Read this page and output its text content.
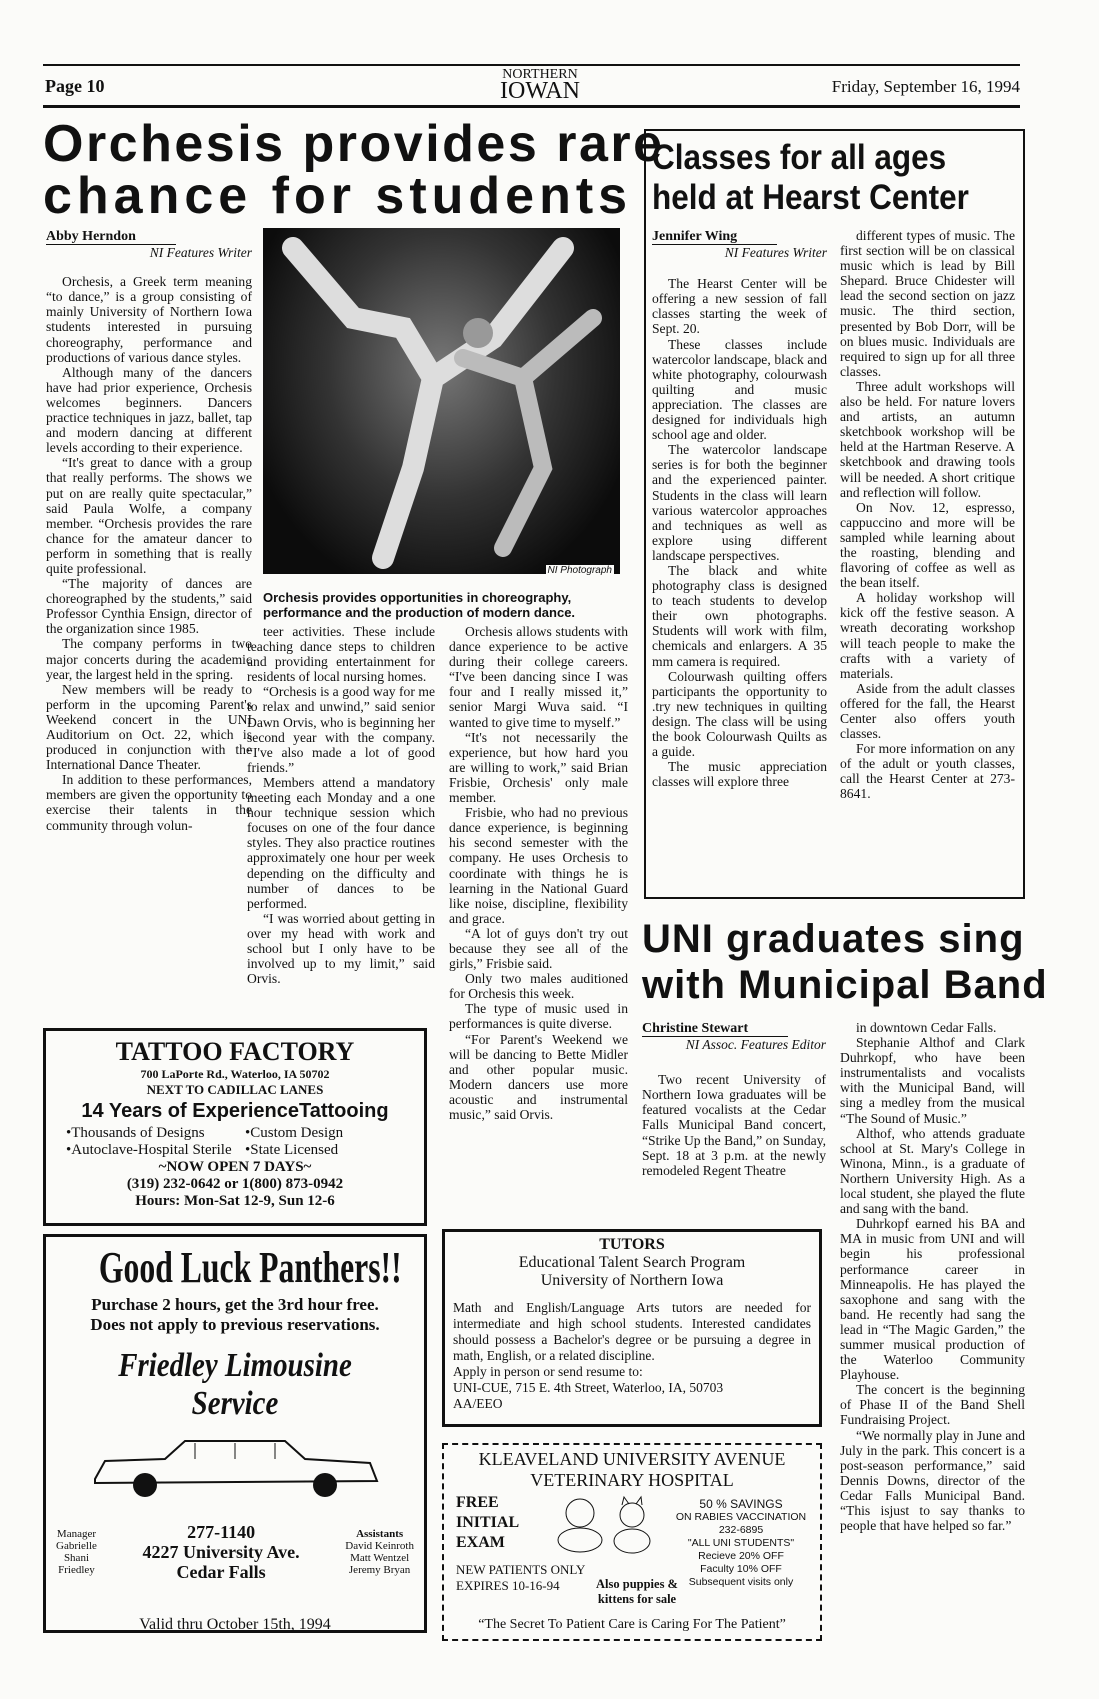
Page 10
NORTHERN
IOWAN	Friday, September 16, 1994
Orchesis provides rare
chance for students
Abby Herndon
NI Features Writer

Orchesis, a Greek term meaning “to dance,” is a group consisting of mainly University of Northern Iowa students interested in pursuing choreography, performance and productions of various dance styles.

Although many of the dancers have had prior experience, Orchesis welcomes beginners. Dancers practice techniques in jazz, ballet, tap and modern dancing at different levels according to their experience.

“It's great to dance with a group that really performs. The shows we put on are really quite spectacular,” said Paula Wolfe, a company member. “Orchesis provides the rare chance for the amateur dancer to perform in something that is really quite professional.

“The majority of dances are choreographed by the students,” said Professor Cynthia Ensign, director of the organization since 1985.

The company performs in two major concerts during the academic year, the largest held in the spring.

New members will be ready to perform in the upcoming Parent's Weekend concert in the UNI Auditorium on Oct. 22, which is produced in conjunction with the International Dance Theater.

In addition to these performances, members are given the opportunity to exercise their talents in the community through volun-

NI Photograph
Orchesis provides opportunities in choreography, performance and the production of modern dance.

teer activities. These include teaching dance steps to children and providing entertainment for residents of local nursing homes.

“Orchesis is a good way for me to relax and unwind,” said senior Dawn Orvis, who is beginning her second year with the company. “I've also made a lot of good friends.”

Members attend a mandatory meeting each Monday and a one hour technique session which focuses on one of the four dance styles. They also practice routines approximately one hour per week depending on the difficulty and number of dances to be performed.

“I was worried about getting in over my head with work and school but I only have to be involved up to my limit,” said Orvis.

Orchesis allows students with dance experience to be active during their college careers. “I've been dancing since I was four and I really missed it,” senior Margi Wuva said. “I wanted to give time to myself.”

“It's not necessarily the experience, but how hard you are willing to work,” said Brian Frisbie, Orchesis' only male member.

Frisbie, who had no previous dance experience, is beginning his second semester with the company. He uses Orchesis to coordinate with things he is learning in the National Guard like noise, discipline, flexibility and grace.

“A lot of guys don't try out because they see all of the girls,” Frisbie said.

Only two males auditioned for Orchesis this week.

The type of music used in performances is quite diverse.

“For Parent's Weekend we will be dancing to Bette Midler and other popular music. Modern dancers use more acoustic and instrumental music,” said Orvis.

Classes for all ages
held at Hearst Center
Jennifer Wing
NI Features Writer

The Hearst Center will be offering a new session of fall classes starting the week of Sept. 20.

These classes include watercolor landscape, black and white photography, colourwash quilting and music appreciation. The classes are designed for individuals high school age and older.

The watercolor landscape series is for both the beginner and the experienced painter. Students in the class will learn various watercolor approaches and techniques as well as explore using different landscape perspectives.

The black and white photography class is designed to teach students to develop their own photographs. Students will work with film, chemicals and enlargers. A 35 mm camera is required.

Colourwash quilting offers participants the opportunity to .try new techniques in quilting design. The class will be using the book Colourwash Quilts as a guide.

The music appreciation classes will explore three

different types of music. The first section will be on classical music which is lead by Bill Shepard. Bruce Chidester will lead the second section on jazz music. The third section, presented by Bob Dorr, will be on blues music. Individuals are required to sign up for all three classes.

Three adult workshops will also be held. For nature lovers and artists, an autumn sketchbook workshop will be held at the Hartman Reserve. A sketchbook and drawing tools will be needed. A short critique and reflection will follow.

On Nov. 12, espresso, cappuccino and more will be sampled while learning about the roasting, blending and flavoring of coffee as well as the bean itself.

A holiday workshop will kick off the festive season. A wreath decorating workshop will teach people to make the crafts with a variety of materials.

Aside from the adult classes offered for the fall, the Hearst Center also offers youth classes.

For more information on any of the adult or youth classes, call the Hearst Center at 273-8641.

UNI graduates sing
with Municipal Band
Christine Stewart
NI Assoc. Features Editor

Two recent University of Northern Iowa graduates will be featured vocalists at the Cedar Falls Municipal Band concert, “Strike Up the Band,” on Sunday, Sept. 18 at 3 p.m. at the newly remodeled Regent Theatre

in downtown Cedar Falls.

Stephanie Althof and Clark Duhrkopf, who have been instrumentalists and vocalists with the Municipal Band, will sing a medley from the musical “The Sound of Music.”

Althof, who attends graduate school at St. Mary's College in Winona, Minn., is a graduate of Northern University High. As a local student, she played the flute and sang with the band.

Duhrkopf earned his BA and MA in music from UNI and will begin his professional performance career in Minneapolis. He has played the saxophone and sang with the band. He recently had sang the lead in “The Magic Garden,” the summer musical production of the Waterloo Community Playhouse.

The concert is the beginning of Phase II of the Band Shell Fundraising Project.

“We normally play in June and July in the park. This concert is a post-season performance,” said Dennis Downs, director of the Cedar Falls Municipal Band. “This isjust to say thanks to people that have helped so far.”

TATTOO FACTORY
700 LaPorte Rd., Waterloo, IA 50702
NEXT TO CADILLAC LANES
14 Years of ExperienceTattooing
•Thousands of Designs	•Custom Design
•Autoclave-Hospital Sterile •State Licensed
~NOW OPEN 7 DAYS~
(319) 232-0642 or 1(800) 873-0942
Hours: Mon-Sat 12-9, Sun 12-6
Good Luck Panthers!!
Purchase 2 hours, get the 3rd hour free.
Does not apply to previous reservations.
Friedley Limousine Service
Manager
Gabrielle
Shani
Friedley
277-1140
4227 University Ave.
Cedar Falls
Assistants
David Keinroth
Matt Wentzel
Jeremy Bryan
Valid thru October 15th, 1994
TUTORS
Educational Talent Search Program
University of Northern Iowa
Math and English/Language Arts tutors are needed for intermediate and high school students. Interested candidates should possess a Bachelor's degree or be pursuing a degree in math, English, or a related discipline.
Apply in person or send resume to:
UNI-CUE, 715 E. 4th Street, Waterloo, IA, 50703
AA/EEO
KLEAVELAND UNIVERSITY AVENUE
VETERINARY HOSPITAL
FREE
INITIAL
EXAM
NEW PATIENTS ONLY
EXPIRES 10-16-94	Also puppies & kittens for sale
50 % SAVINGS
ON RABIES VACCINATION
232-6895
"ALL UNI STUDENTS"
Recieve 20% OFF
Faculty 10% OFF
Subsequent visits only
“The Secret To Patient Care is Caring For The Patient”
